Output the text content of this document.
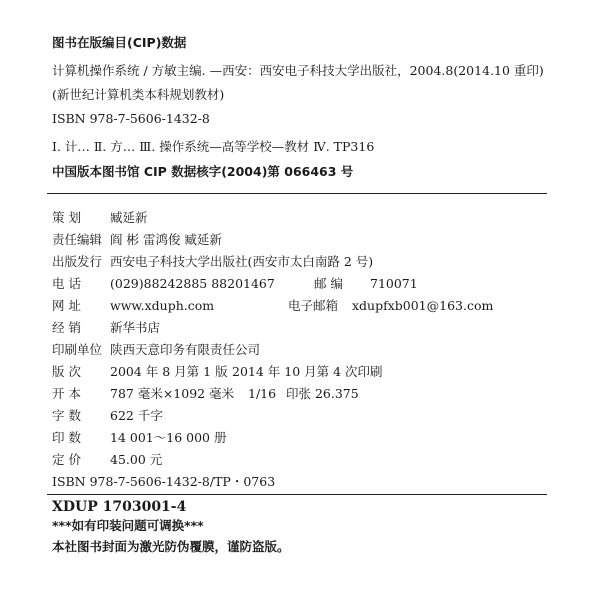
图书在版编目(CIP)数据
计算机操作系统 / 方敏主编. —西安：西安电子科技大学出版社，2004.8(2014.10 重印)
(新世纪计算机类本科规划教材)
ISBN 978-7-5606-1432-8
Ⅰ. 计… Ⅱ. 方… Ⅲ. 操作系统—高等学校—教材 Ⅳ. TP316
中国版本图书馆 CIP 数据核字(2004)第 066463 号
策 划 臧延新
责任编辑 阎 彬 雷鸿俊 臧延新
出版发行 西安电子科技大学出版社(西安市太白南路 2 号)
电 话 (029)88242885 88201467	邮 编 710071
网 址 www.xduph.com	电子邮箱 xdupfxb001@163.com
经 销 新华书店
印刷单位 陕西天意印务有限责任公司
版 次 2004 年 8 月第 1 版 2014 年 10 月第 4 次印刷
开 本 787 毫米×1092 毫米 1/16 印张 26.375
字 数 622 千字
印 数 14 001～16 000 册
定 价 45.00 元
ISBN 978-7-5606-1432-8/TP・0763
XDUP 1703001-4
***如有印装问题可调换***
本社图书封面为激光防伪覆膜，谨防盗版。
